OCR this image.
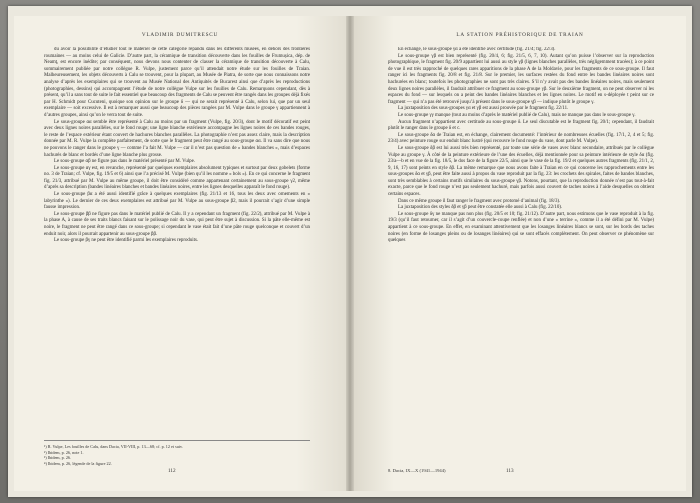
VLADIMIR DUMITRESCU

du avoir la possibilité d’étudier tout le matériel de cette catégorie répandu dans les différents musées, en dehors des frontières roumaines — au moins celui de Galicie. D’autre part, la céramique de transition découverte dans les fouilles de Frumușica, dép. de Neamț, est encore inédite; par conséquent, nous devons nous contenter de classer la céramique de transition découverte à Calu, sommairement publiée par notre collègue R. Vulpe, justement parce qu’il attendait notre étude sur les fouilles de Traian. Malheureusement, les objets découverts à Calu se trouvent, pour la plupart, au Musée de Piatra, de sorte que nous connaissons notre analyse d’après les exemplaires qui se trouvent au Musée National des Antiquités de Bucarest ainsi que d’après les reproductions (photographies, dessins) qui accompagnent l’étude de notre collègue Vulpe sur les fouilles de Calu. Remarquons cependant, dès à présent, qu’il a sans tout de suite le fait essentiel que beaucoup des fragments de Calu se peuvent être rangés dans les groupes déjà fixés par H. Schmidt pour Cucuteni, quoique son opinion sur le groupe δ — qui ne serait représenté à Calu, selon lui, que par un seul exemplaire — soit excessive. Il est à remarquer aussi que beaucoup des pièces rangées par M. Vulpe dans le groupe γ appartiennent à d’autres groupes, ainsi qu’on le verra tout de suite.

Le sous-groupe αα semble être représenté à Calu au moins par un fragment (Vulpe, fig. 20/3), dont le motif décoratif est peint avec deux lignes noires parallèles, sur le fond rouge; une ligne blanche extérieure accompagne les lignes noires de ces bandes rouges, le reste de l’espace extérieur étant couvert de hachures blanches parallèles. La photographie n’est pas assez claire, mais la description donnée par M. R. Vulpe la complète parfaitement, de sorte que le fragment peut être rangé au sous-groupe αα. Il va sans dire que nous ne pouvons le ranger dans le groupe γ — comme l’a fait M. Vulpe — car il n’est pas question de « bandes blanches », mais d’espaces hachurés de blanc et bordés d’une ligne blanche plus grosse.

Le sous-groupe αβ ne figure pas dans le matériel présenté par M. Vulpe.

Le sous-groupe αγ est, en revanche, représenté par quelques exemplaires absolument typiques et surtout par deux gobelets (forme no. 3 de Traian; cf. Vulpe, fig. 19/5 et 6) ainsi que l’a précisé M. Vulpe (bien qu’il les nomme « bols »). En ce qui concerne le fragment fig. 21/3, attribué par M. Vulpe au même groupe, il doit être considéré comme appartenant certainement au sous-groupe γ2, même d’après sa description (bandes linéaires blanches et bandes linéaires noires, entre les lignes desquelles apparaît le fond rouge).

Le sous-groupe βα a été aussi identifié grâce à quelques exemplaires (fig. 21/13 et 16, tous les deux avec ornements en « labyrinthe »). Le dernier de ces deux exemplaires est attribué par M. Vulpe au sous-groupe β2, mais il pourrait s’agir d’une simple fausse impression.

Le sous-groupe ββ ne figure pas dans le matériel publié de Calu. Il y a cependant un fragment (fig. 22/2), attribué par M. Vulpe à la phase A, à cause de ses traits blancs faisant sur le polissage noir du vase, qui peut être sujet à discussion. Si la pâte elle-même est noire, le fragment ne peut être rangé dans ce sous-groupe; si cependant le vase était fait d’une pâte rouge quelconque et couvert d’un enduit noir, alors il pourrait appartenir au sous-groupe ββ.

Le sous-groupe βγ ne peut être identifié parmi les exemplaires reproduits.

¹) R. Vulpe, Les fouilles de Calu, dans Dacia, VII-VIII, p. 13—68; cf. p. 12 et suiv.
²) Ibidem, p. 26, note 1.
³) Ibidem, p. 26.
⁴) Ibidem, p. 26, légende de la figure 22.
112
LA STATION PRÉHISTORIQUE DE TRAIAN

En échange, le sous-groupe γα a été identifié avec certitude (fig. 21/4; fig. 22/3).

Le sous-groupe γβ est bien représenté (fig. 20/4, 6; fig. 21/5, 6, 7, 10). Autant qu’on puisse l’observer sur la reproduction photographique, le fragment fig. 20/9 appartient lui aussi au style γβ (lignes blanches parallèles, très négligemment tracées); à ce point de vue il est très rapproché de quelques rares apparitions de la phase A de la Moldavie, pour les fragments de ce sous-groupe. Il faut ranger ici les fragments fig. 20/8 et fig. 21/8. Sur le premier, les surfaces restées du fond entre les bandes linéaires noires sont hachurées en blanc; toutefois les photographies ne sont pas très claires. S’il n’y avait pas des bandes linéaires noires, mais seulement deux lignes noires parallèles, il faudrait attribuer ce fragment au sous-groupe γβ. Sur le deuxième fragment, on ne peut observer ni les espaces du fond — sur lesquels on a peint des bandes linéaires blanches et les lignes noires. Le motif en s-déployée t peint sur ce fragment — qui n’a pas été retrouvé jusqu’à présent dans le sous-groupe γβ — indique plutôt le groupe γ.

La juxtaposition des sous-groupes γα et γβ est aussi prouvée par le fragment fig. 22/11.

Le sous-groupe γγ manque (tout au moins d’après le matériel publié de Calu), mais ne manque pas dans le sous-groupe γ.

Aucun fragment n’appartient avec certitude au sous-groupe δ. Le seul discutable est le fragment fig. 20/1; cependant, il faudrait plutôt le ranger dans le groupe δ et c.

Le sous-groupe δα de Traian est, en échange, clairement documenté: l’intérieur de nombreuses écuelles (fig. 17/1, 2, 4 et 5; fig. 23/4) avec peinture rouge sur enduit blanc lustré (qui recouvre le fond rouge du vase, dont parle M. Vulpe).

Le sous-groupe δβ est lui aussi très bien représenté, par toute une série de vases avec blanc secondaire, attribués par le collègue Vulpe au groupe γ. À côté de la peinture extérieure de l’une des écuelles, déjà mentionnée pour sa peinture intérieure de style δα (fig. 23/a—b et en vue de la fig. 18/5, le dos face de la figure 22/5, ainsi que le vase de la fig. 19/2 et quelques autres fragments (fig. 21/1, 2, 9, 16, 17) sont peints en style δβ. La même remarque que nous avons faite à Traian en ce qui concerne les rapprochements entre les sous-groupes δα et γβ, peut être faite aussi à propos du vase reproduit par la fig. 23: les crochets des spirales, faites de bandes blanches, sont très semblables à certains motifs similaires du sous-groupe γβ. Notons, pourtant, que la reproduction donnée n’est pas tout-à-fait exacte, parce que le fond rouge n’est pas seulement hachuré, mais parfois aussi couvert de taches noires à l’aide desquelles on obtient certains espaces.

Dans ce même groupe il faut ranger le fragment avec protomé d’animal (fig. 18/3).

La juxtaposition des styles δβ et γβ peut être constatée elle aussi à Calu (fig. 22/10).

Le sous-groupe δγ ne manque pas non plus (fig. 20/5 et 10; fig. 21/12). D’autre part, nous estimons que le vase reproduit à la fig. 19/3 (qu’il faut retourner, car il s’agit d’un couvercle-coupe renflée) et non d’une « terrine », comme il a été défini par M. Vulpe) appartient à ce sous-groupe. En effet, en examinant attentivement que les losanges linéaires blancs se sont, sur les bords des taches noires (en forme de losanges pleins ou de losanges linéaires) qui se sont effacés complètement. On peut observer ce phénomène sur quelques

8. Dacia, IX—X (1941—1944)	113
